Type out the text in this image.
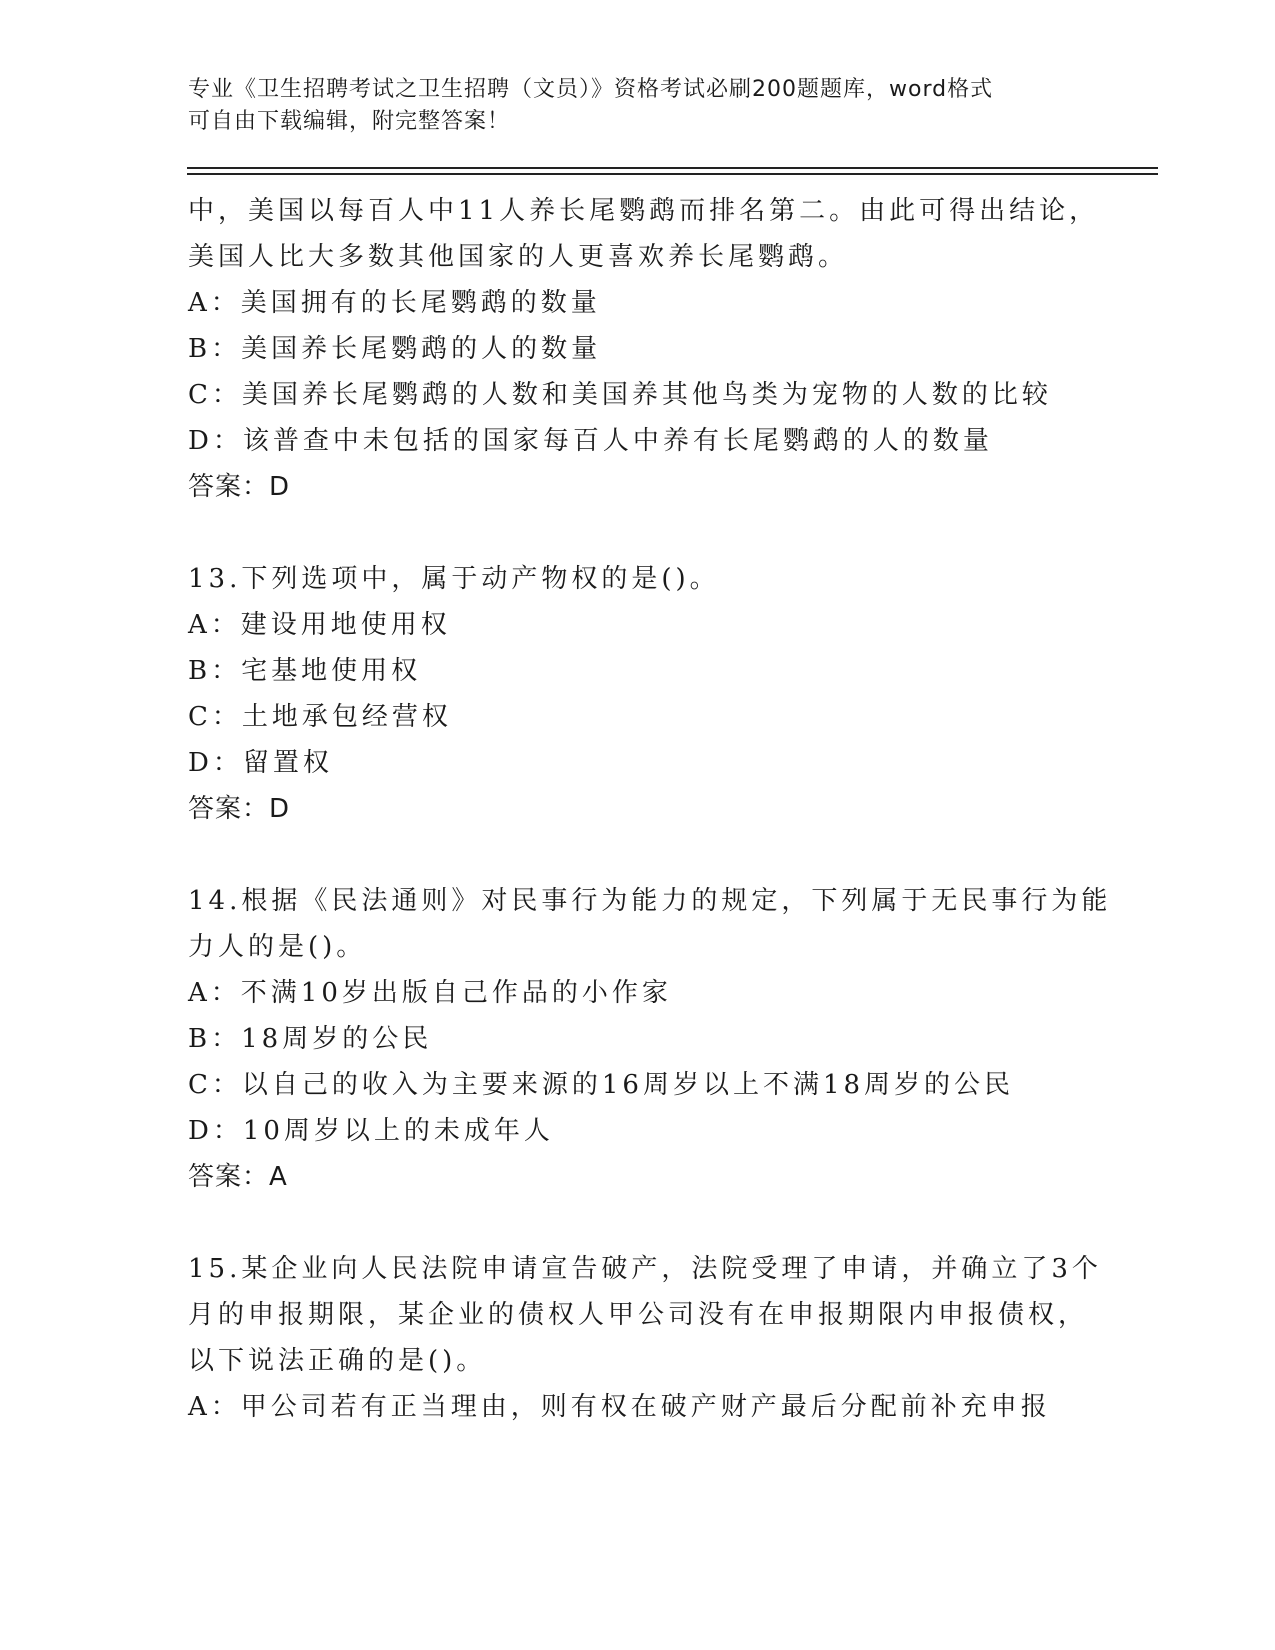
专业《卫生招聘考试之卫生招聘（文员）》资格考试必刷200题题库，word格式
可自由下载编辑，附完整答案！
中，美国以每百人中11人养长尾鹦鹉而排名第二。由此可得出结论，
美国人比大多数其他国家的人更喜欢养长尾鹦鹉。
A：美国拥有的长尾鹦鹉的数量
B：美国养长尾鹦鹉的人的数量
C：美国养长尾鹦鹉的人数和美国养其他鸟类为宠物的人数的比较
D：该普查中未包括的国家每百人中养有长尾鹦鹉的人的数量
答案：D
13.下列选项中，属于动产物权的是()。
A：建设用地使用权
B：宅基地使用权
C：土地承包经营权
D：留置权
答案：D
14.根据《民法通则》对民事行为能力的规定，下列属于无民事行为能
力人的是()。
A：不满10岁出版自己作品的小作家
B：18周岁的公民
C：以自己的收入为主要来源的16周岁以上不满18周岁的公民
D：10周岁以上的未成年人
答案：A
15.某企业向人民法院申请宣告破产，法院受理了申请，并确立了3个
月的申报期限，某企业的债权人甲公司没有在申报期限内申报债权，
以下说法正确的是()。
A：甲公司若有正当理由，则有权在破产财产最后分配前补充申报
